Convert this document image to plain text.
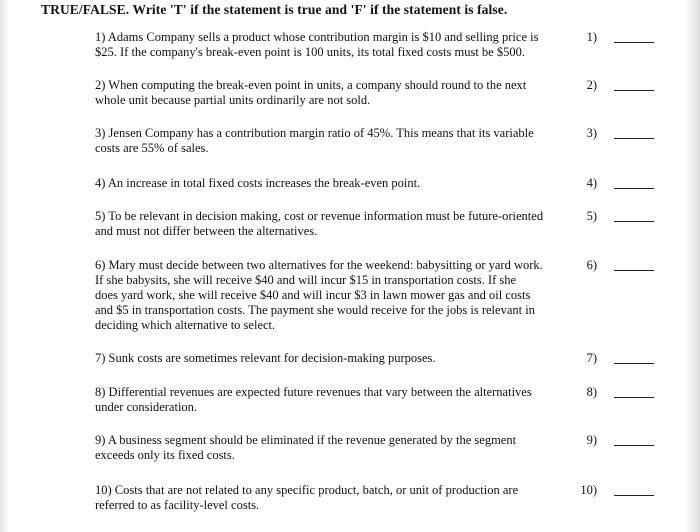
TRUE/FALSE. Write 'T' if the statement is true and 'F' if the statement is false.
1) Adams Company sells a product whose contribution margin is $10 and selling price is
$25. If the company's break-even point is 100 units, its total fixed costs must be $500.
1)
2) When computing the break-even point in units, a company should round to the next
whole unit because partial units ordinarily are not sold.
2)
3) Jensen Company has a contribution margin ratio of 45%. This means that its variable
costs are 55% of sales.
3)
4) An increase in total fixed costs increases the break-even point.	4)
5) To be relevant in decision making, cost or revenue information must be future-oriented
and must not differ between the alternatives.
5)
6) Mary must decide between two alternatives for the weekend: babysitting or yard work.
If she babysits, she will receive $40 and will incur $15 in transportation costs. If she
does yard work, she will receive $40 and will incur $3 in lawn mower gas and oil costs
and $5 in transportation costs. The payment she would receive for the jobs is relevant in
deciding which alternative to select.
6)
7) Sunk costs are sometimes relevant for decision-making purposes.	7)
8) Differential revenues are expected future revenues that vary between the alternatives
under consideration.
8)
9) A business segment should be eliminated if the revenue generated by the segment
exceeds only its fixed costs.
9)
10) Costs that are not related to any specific product, batch, or unit of production are
referred to as facility-level costs.
10)
